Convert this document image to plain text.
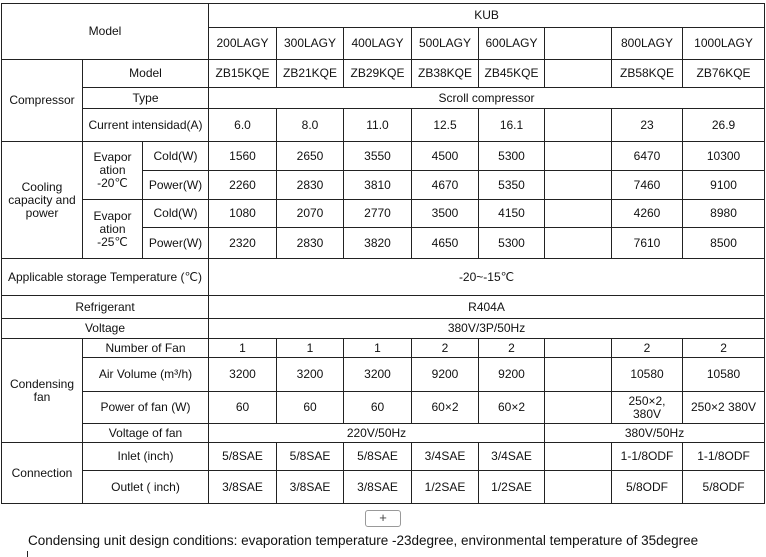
Model			KUB							
			200LAGY	300LAGY	400LAGY	500LAGY	600LAGY		800LAGY	1000LAGY
Compressor	Model		ZB15KQE	ZB21KQE	ZB29KQE	ZB38KQE	ZB45KQE		ZB58KQE	ZB76KQE
	Type		Scroll compressor							
	Current intensidad(A)		6.0	8.0	11.0	12.5	16.1		23	26.9
Cooling capacity and power	Evapor ation -20℃	Cold(W)	1560	2650	3550	4500	5300		6470	10300
		Power(W)	2260	2830	3810	4670	5350		7460	9100
	Evapor ation -25℃	Cold(W)	1080	2070	2770	3500	4150		4260	8980
		Power(W)	2320	2830	3820	4650	5300		7610	8500
Applicable storage Temperature (℃)			-20~-15℃							
Refrigerant			R404A							
Voltage			380V/3P/50Hz							
Condensing fan	Number of Fan		1	1	1	2	2		2	2
	Air Volume (m³/h)		3200	3200	3200	9200	9200		10580	10580
	Power of fan (W)		60	60	60	60×2	60×2		250×2, 380V	250×2 380V
	Voltage of fan		220V/50Hz					380V/50Hz		
Connection	Inlet (inch)		5/8SAE	5/8SAE	5/8SAE	3/4SAE	3/4SAE		1-1/8ODF	1-1/8ODF
	Outlet ( inch)		3/8SAE	3/8SAE	3/8SAE	1/2SAE	1/2SAE		5/8ODF	5/8ODF
+
Condensing unit design conditions: evaporation temperature -23degree, environmental temperature of 35degree
